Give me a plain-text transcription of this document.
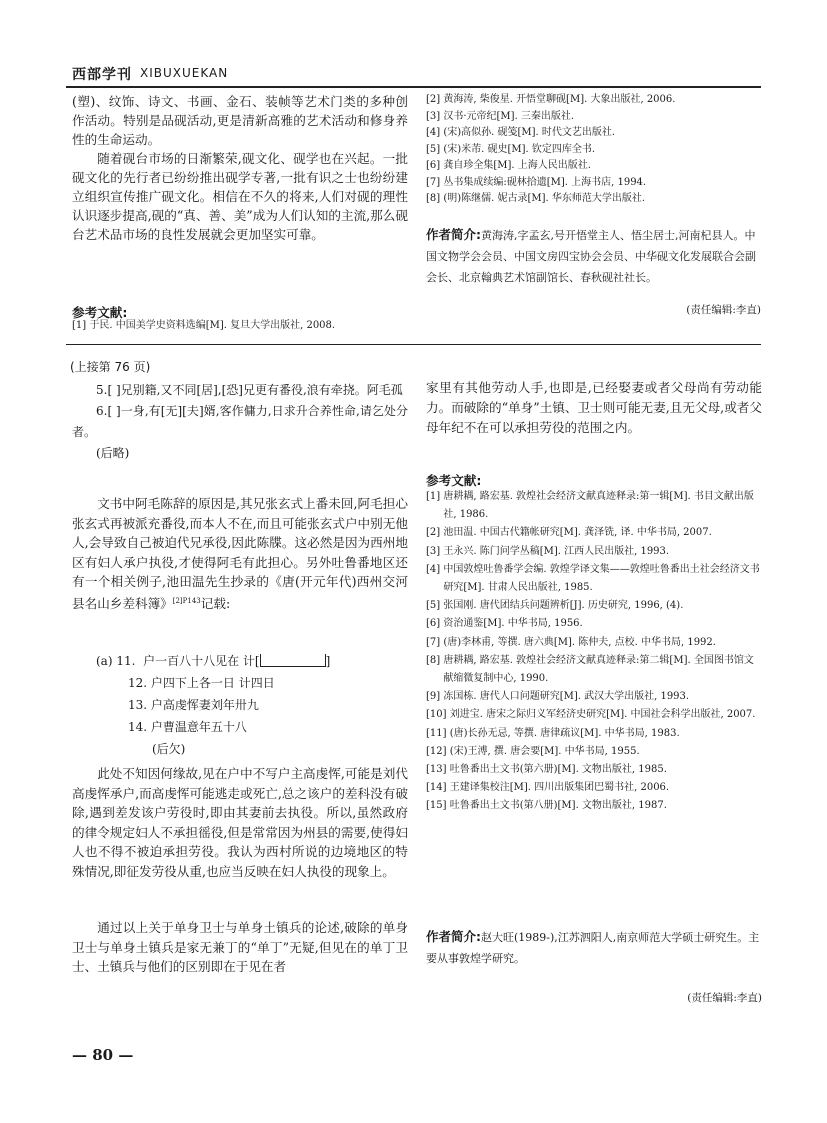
西部学刊 XIBUXUEKAN

(塑)、纹饰、诗文、书画、金石、装帧等艺术门类的多种创作活动。特别是品砚活动,更是清新高雅的艺术活动和修身养性的生命运动。

随着砚台市场的日渐繁荣,砚文化、砚学也在兴起。一批砚文化的先行者已纷纷推出砚学专著,一批有识之士也纷纷建立组织宣传推广砚文化。相信在不久的将来,人们对砚的理性认识逐步提高,砚的“真、善、美”成为人们认知的主流,那么砚台艺术品市场的良性发展就会更加坚实可靠。

参考文献:
[1] 于民. 中国美学史资料选编[M]. 复旦大学出版社, 2008.
[2] 黄海涛, 柴俊星. 开悟堂聊砚[M]. 大象出版社, 2006.
[3] 汉书·元帝纪[M]. 三秦出版社.
[4] (宋)高似孙. 砚笺[M]. 时代文艺出版社.
[5] (宋)米芾. 砚史[M]. 钦定四库全书.
[6] 龚自珍全集[M]. 上海人民出版社.
[7] 丛书集成续编:砚林拾遗[M]. 上海书店, 1994.
[8] (明)陈继儒. 妮古录[M]. 华东师范大学出版社.
作者简介:黄海涛,字孟玄,号开悟堂主人、悟尘居士,河南杞县人。中国文物学会会员、中国文房四宝协会会员、中华砚文化发展联合会副会长、北京翰典艺术馆副馆长、春秋砚社社长。
(责任编辑:李直)
(上接第 76 页)

5.[ ]兄别籍,又不同[居],[恐]兄更有番役,浪有牵挠。阿毛孤

6.[ ]一身,有[无][夫]婿,客作傭力,日求升合养性命,请乞处分者。

(后略)

文书中阿毛陈辞的原因是,其兄张玄式上番未回,阿毛担心张玄式再被派充番役,而本人不在,而且可能张玄式户中别无他人,会导致自己被迫代兄承役,因此陈牒。这必然是因为西州地区有妇人承户执役,才使得阿毛有此担心。另外吐鲁番地区还有一个相关例子,池田温先生抄录的《唐(开元年代)西州交河县名山乡差科簿》$^{[2]P143}$记载:

(a) 11. 户一百八十八见在 计[	]
12. 户四下上各一日 计四日
13. 户高虔恽妻刘年卅九
14. 户曹温意年五十八
(后欠)

此处不知因何缘故,见在户中不写户主高虔恽,可能是刘代高虔恽承户,而高虔恽可能逃走或死亡,总之该户的差科没有破除,遇到差发该户劳役时,即由其妻前去执役。所以,虽然政府的律令规定妇人不承担徭役,但是常常因为州县的需要,使得妇人也不得不被迫承担劳役。我认为西村所说的边境地区的特殊情况,即征发劳役从重,也应当反映在妇人执役的现象上。

通过以上关于单身卫士与单身土镇兵的论述,破除的单身卫士与单身土镇兵是家无兼丁的“单丁”无疑,但见在的单丁卫士、土镇兵与他们的区别即在于见在者

家里有其他劳动人手,也即是,已经娶妻或者父母尚有劳动能力。而破除的“单身”土镇、卫士则可能无妻,且无父母,或者父母年纪不在可以承担劳役的范围之内。

参考文献:
[1] 唐耕耦, 路宏基. 敦煌社会经济文献真迹释录:第一辑[M]. 书目文献出版社, 1986.
[2] 池田温. 中国古代籍帐研究[M]. 龚泽铣, 译. 中华书局, 2007.
[3] 王永兴. 陈门问学丛稿[M]. 江西人民出版社, 1993.
[4] 中国敦煌吐鲁番学会编. 敦煌学译文集——敦煌吐鲁番出土社会经济文书研究[M]. 甘肃人民出版社, 1985.
[5] 张国刚. 唐代团结兵问题辨析[J]. 历史研究, 1996, (4).
[6] 资治通鉴[M]. 中华书局, 1956.
[7] (唐)李林甫, 等撰. 唐六典[M]. 陈仲夫, 点校. 中华书局, 1992.
[8] 唐耕耦, 路宏基. 敦煌社会经济文献真迹释录:第二辑[M]. 全国图书馆文献缩微复制中心, 1990.
[9] 冻国栋. 唐代人口问题研究[M]. 武汉大学出版社, 1993.
[10] 刘进宝. 唐宋之际归义军经济史研究[M]. 中国社会科学出版社, 2007.
[11] (唐)长孙无忌, 等撰. 唐律疏议[M]. 中华书局, 1983.
[12] (宋)王溥, 撰. 唐会要[M]. 中华书局, 1955.
[13] 吐鲁番出土文书(第六册)[M]. 文物出版社, 1985.
[14] 王建译集校注[M]. 四川出版集团巴蜀书社, 2006.
[15] 吐鲁番出土文书(第八册)[M]. 文物出版社, 1987.
作者简介:赵大旺(1989-),江苏泗阳人,南京师范大学硕士研究生。主要从事敦煌学研究。
(责任编辑:李直)
— 80 —
